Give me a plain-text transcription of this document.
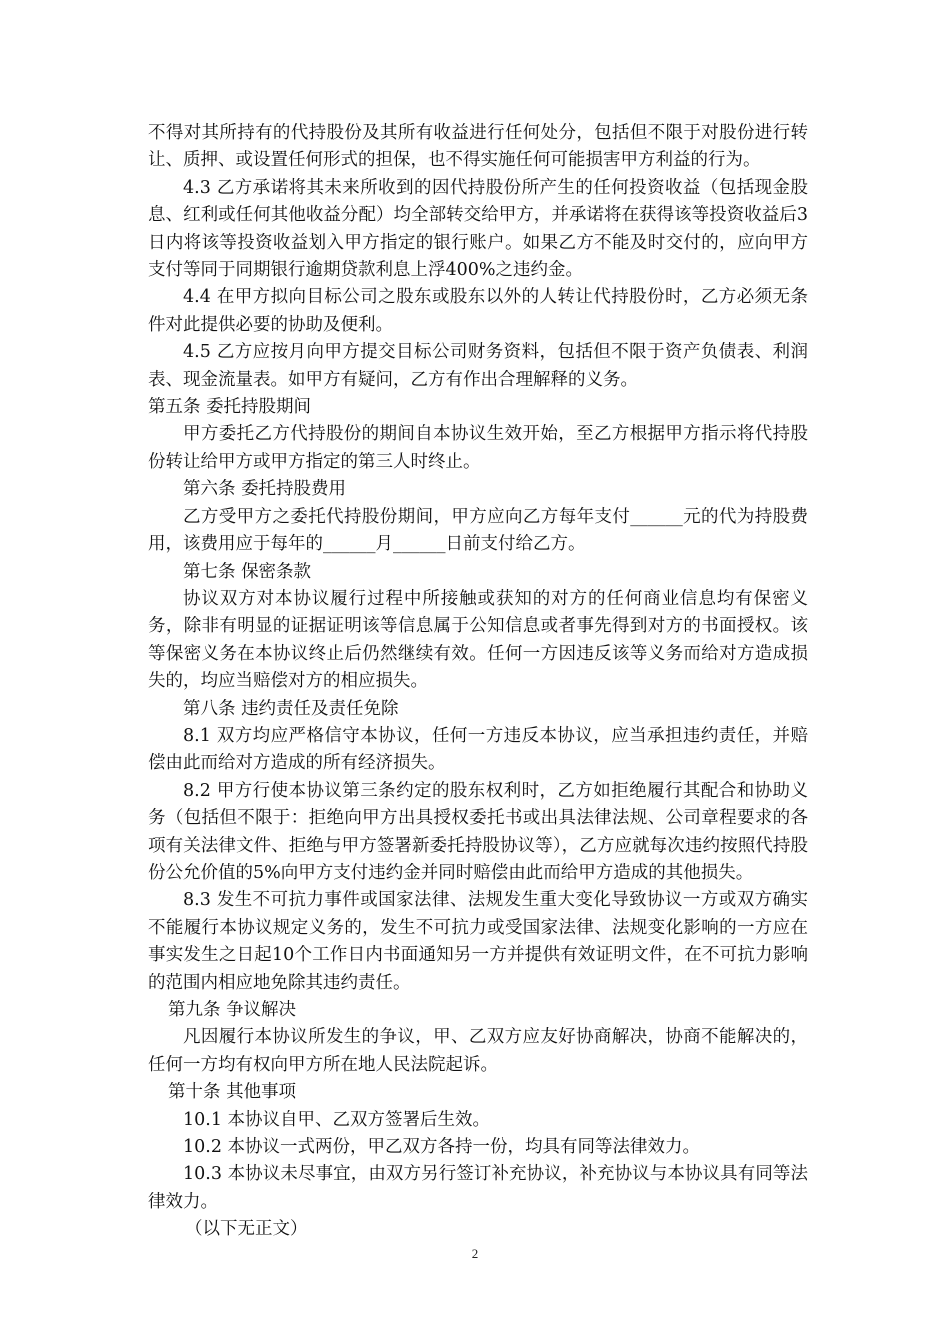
不得对其所持有的代持股份及其所有收益进行任何处分，包括但不限于对股份进行转让、质押、或设置任何形式的担保，也不得实施任何可能损害甲方利益的行为。

4.3 乙方承诺将其未来所收到的因代持股份所产生的任何投资收益（包括现金股息、红利或任何其他收益分配）均全部转交给甲方，并承诺将在获得该等投资收益后3日内将该等投资收益划入甲方指定的银行账户。如果乙方不能及时交付的，应向甲方支付等同于同期银行逾期贷款利息上浮400%之违约金。

4.4 在甲方拟向目标公司之股东或股东以外的人转让代持股份时，乙方必须无条件对此提供必要的协助及便利。

4.5 乙方应按月向甲方提交目标公司财务资料，包括但不限于资产负债表、利润表、现金流量表。如甲方有疑问，乙方有作出合理解释的义务。

第五条 委托持股期间

甲方委托乙方代持股份的期间自本协议生效开始，至乙方根据甲方指示将代持股份转让给甲方或甲方指定的第三人时终止。

第六条 委托持股费用

乙方受甲方之委托代持股份期间，甲方应向乙方每年支付______元的代为持股费用，该费用应于每年的______月______日前支付给乙方。

第七条 保密条款

协议双方对本协议履行过程中所接触或获知的对方的任何商业信息均有保密义务，除非有明显的证据证明该等信息属于公知信息或者事先得到对方的书面授权。该等保密义务在本协议终止后仍然继续有效。任何一方因违反该等义务而给对方造成损失的，均应当赔偿对方的相应损失。

第八条 违约责任及责任免除

8.1 双方均应严格信守本协议，任何一方违反本协议，应当承担违约责任，并赔偿由此而给对方造成的所有经济损失。

8.2 甲方行使本协议第三条约定的股东权利时，乙方如拒绝履行其配合和协助义务（包括但不限于：拒绝向甲方出具授权委托书或出具法律法规、公司章程要求的各项有关法律文件、拒绝与甲方签署新委托持股协议等），乙方应就每次违约按照代持股份公允价值的5%向甲方支付违约金并同时赔偿由此而给甲方造成的其他损失。

8.3 发生不可抗力事件或国家法律、法规发生重大变化导致协议一方或双方确实不能履行本协议规定义务的，发生不可抗力或受国家法律、法规变化影响的一方应在事实发生之日起10个工作日内书面通知另一方并提供有效证明文件，在不可抗力影响的范围内相应地免除其违约责任。

第九条 争议解决

凡因履行本协议所发生的争议，甲、乙双方应友好协商解决，协商不能解决的，任何一方均有权向甲方所在地人民法院起诉。

第十条 其他事项

10.1 本协议自甲、乙双方签署后生效。

10.2 本协议一式两份，甲乙双方各持一份，均具有同等法律效力。

10.3 本协议未尽事宜，由双方另行签订补充协议，补充协议与本协议具有同等法律效力。

（以下无正文）

2
